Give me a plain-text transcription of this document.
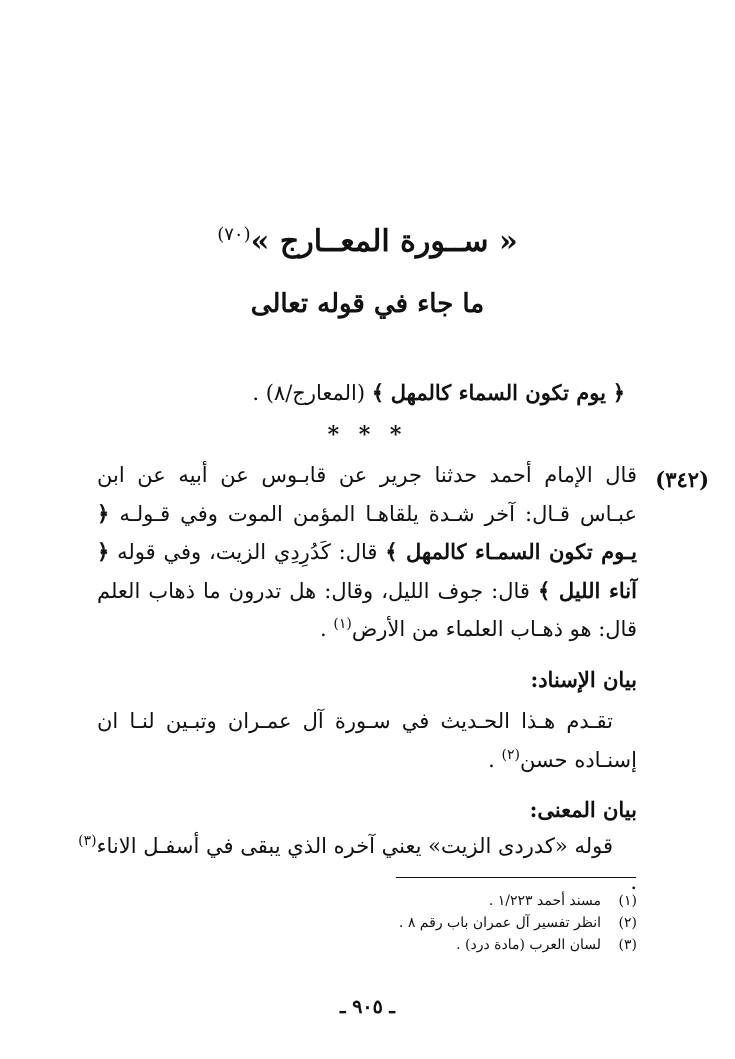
« ســورة المعــارج »$^{(٧٠)}$
ما جاء في قوله تعالى
﴿ يوم تكون السماء كالمهل ﴾ (المعارج/٨) .
* * *
(٣٤٢)
قال الإمام أحمد حدثنا جرير عن قابـوس عن أبيه عن ابن عبـاس قـال: آخر شـدة يلقاهـا المؤمن الموت وفي قـولـه ﴿ يـوم تكون السمـاء كالمهل ﴾ قال: كَدُرِدِي الزيت، وفي قوله ﴿ آناء الليل ﴾ قال: جوف الليل، وقال: هل تدرون ما ذهاب العلم قال: هو ذهـاب العلماء من الأرض$^{(١)}$ .
بيان الإسناد:
تقـدم هـذا الحـديث في سـورة آل عمـران وتبـين لنـا ان إسنـاده حسن$^{(٢)}$ .
بيان المعنى:
قوله «كدردى الزيت» يعني آخره الذي يبقى في أسفـل الاناء$^{(٣)}$ .
(١)
مسند أحمد ١/٢٢٣ .
(٢)
انظر تفسير آل عمران باب رقم ٨ .
(٣)
لسان العرب (مادة درد) .
ـ ٩٠٥ ـ
